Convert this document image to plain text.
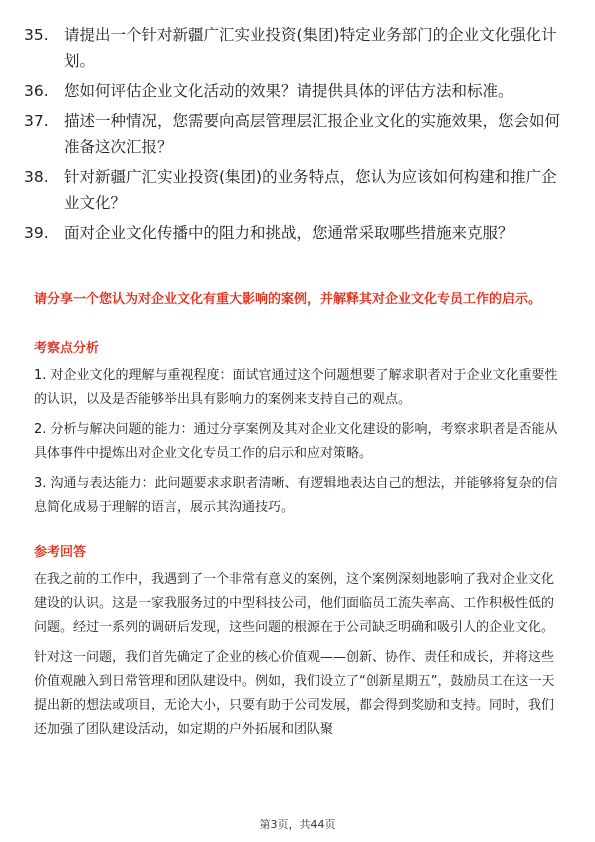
35. 请提出一个针对新疆广汇实业投资(集团)特定业务部门的企业文化强化计划。
36. 您如何评估企业文化活动的效果？请提供具体的评估方法和标准。
37. 描述一种情况，您需要向高层管理层汇报企业文化的实施效果，您会如何准备这次汇报？
38. 针对新疆广汇实业投资(集团)的业务特点，您认为应该如何构建和推广企业文化？
39. 面对企业文化传播中的阻力和挑战，您通常采取哪些措施来克服？
请分享一个您认为对企业文化有重大影响的案例，并解释其对企业文化专员工作的启示。
考察点分析
1. 对企业文化的理解与重视程度：面试官通过这个问题想要了解求职者对于企业文化重要性的认识，以及是否能够举出具有影响力的案例来支持自己的观点。
2. 分析与解决问题的能力：通过分享案例及其对企业文化建设的影响，考察求职者是否能从具体事件中提炼出对企业文化专员工作的启示和应对策略。
3. 沟通与表达能力：此问题要求求职者清晰、有逻辑地表达自己的想法，并能够将复杂的信息简化成易于理解的语言，展示其沟通技巧。
参考回答
在我之前的工作中，我遇到了一个非常有意义的案例，这个案例深刻地影响了我对企业文化建设的认识。这是一家我服务过的中型科技公司，他们面临员工流失率高、工作积极性低的问题。经过一系列的调研后发现，这些问题的根源在于公司缺乏明确和吸引人的企业文化。
针对这一问题，我们首先确定了企业的核心价值观——创新、协作、责任和成长，并将这些价值观融入到日常管理和团队建设中。例如，我们设立了“创新星期五”，鼓励员工在这一天提出新的想法或项目，无论大小，只要有助于公司发展，都会得到奖励和支持。同时，我们还加强了团队建设活动，如定期的户外拓展和团队聚
第3页，共44页
